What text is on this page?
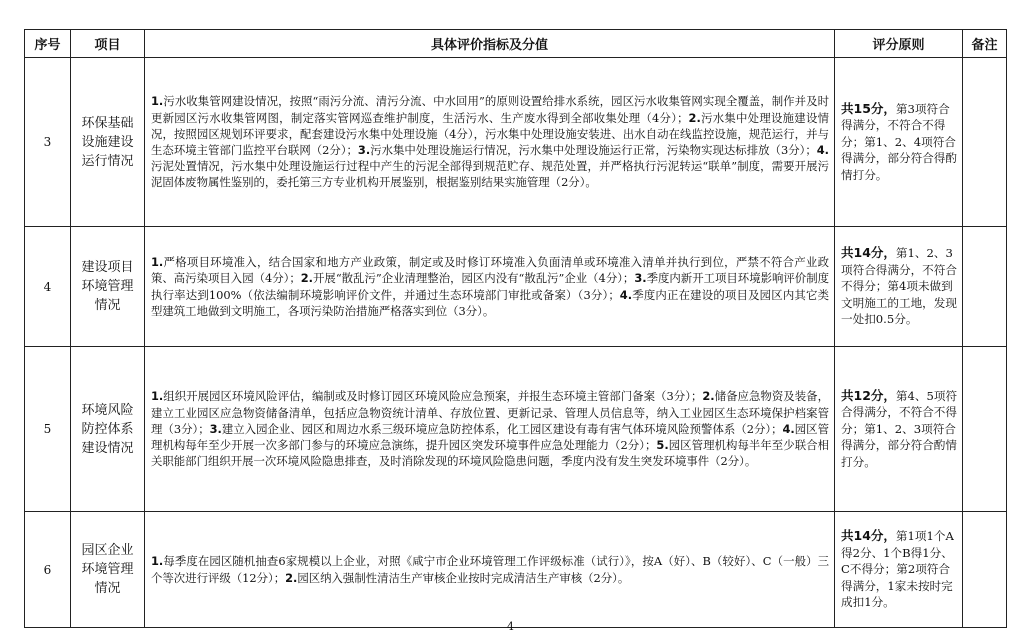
序号	项目	具体评价指标及分值	评分原则	备注
3	环保基础设施建设运行情况	1.污水收集管网建设情况，按照“雨污分流、清污分流、中水回用”的原则设置给排水系统，园区污水收集管网实现全覆盖，制作并及时更新园区污水收集管网图，制定落实管网巡查维护制度，生活污水、生产废水得到全部收集处理（4分）；2.污水集中处理设施建设情况，按照园区规划环评要求，配套建设污水集中处理设施（4分），污水集中处理设施安装进、出水自动在线监控设施，规范运行，并与生态环境主管部门监控平台联网（2分）；3.污水集中处理设施运行情况，污水集中处理设施运行正常，污染物实现达标排放（3分）；4.污泥处置情况，污水集中处理设施运行过程中产生的污泥全部得到规范贮存、规范处置，并严格执行污泥转运“联单”制度，需要开展污泥固体废物属性鉴别的，委托第三方专业机构开展鉴别，根据鉴别结果实施管理（2分）。	共15分，第3项符合得满分，不符合不得分；第1、2、4项符合得满分，部分符合得酌情打分。	
4	建设项目环境管理情况	1.严格项目环境准入，结合国家和地方产业政策，制定或及时修订环境准入负面清单或环境准入清单并执行到位，严禁不符合产业政策、高污染项目入园（4分）；2.开展“散乱污”企业清理整治，园区内没有“散乱污”企业（4分）；3.季度内新开工项目环境影响评价制度执行率达到100%（依法编制环境影响评价文件，并通过生态环境部门审批或备案）（3分）；4.季度内正在建设的项目及园区内其它类型建筑工地做到文明施工，各项污染防治措施严格落实到位（3分）。	共14分，第1、2、3项符合得满分，不符合不得分；第4项未做到文明施工的工地，发现一处扣0.5分。	
5	环境风险防控体系建设情况	1.组织开展园区环境风险评估，编制或及时修订园区环境风险应急预案，并报生态环境主管部门备案（3分）；2.储备应急物资及装备，建立工业园区应急物资储备清单，包括应急物资统计清单、存放位置、更新记录、管理人员信息等，纳入工业园区生态环境保护档案管理（3分）；3.建立入园企业、园区和周边水系三级环境应急防控体系，化工园区建设有毒有害气体环境风险预警体系（2分）；4.园区管理机构每年至少开展一次多部门参与的环境应急演练，提升园区突发环境事件应急处理能力（2分）；5.园区管理机构每半年至少联合相关职能部门组织开展一次环境风险隐患排查，及时消除发现的环境风险隐患问题，季度内没有发生突发环境事件（2分）。	共12分，第4、5项符合得满分，不符合不得分；第1、2、3项符合得满分，部分符合酌情打分。	
6	园区企业环境管理情况	1.每季度在园区随机抽查6家规模以上企业，对照《咸宁市企业环境管理工作评级标准（试行）》，按A（好）、B（较好）、C（一般）三个等次进行评级（12分）；2.园区纳入强制性清洁生产审核企业按时完成清洁生产审核（2分）。	共14分，第1项1个A得2分、1个B得1分、C不得分；第2项符合得满分，1家未按时完成扣1分。	
4
